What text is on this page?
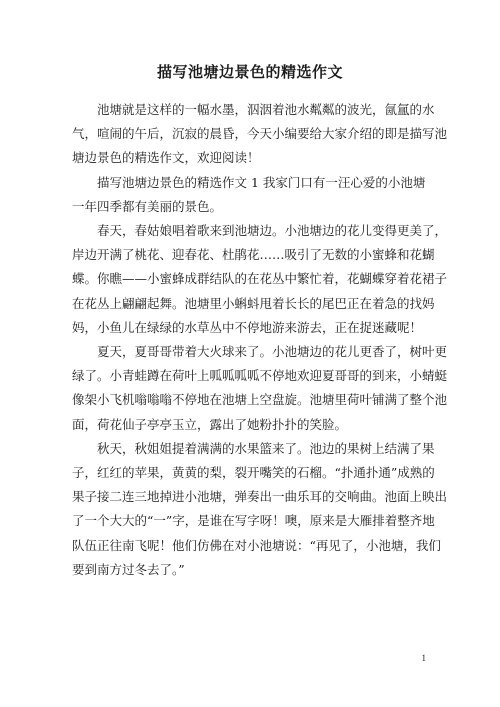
描写池塘边景色的精选作文

池塘就是这样的一幅水墨，泅洇着池水粼粼的波光，氤氲的水
气，喧闹的午后，沉寂的晨昏，今天小编要给大家介绍的即是描写池
塘边景色的精选作文，欢迎阅读！

描写池塘边景色的精选作文 1 我家门口有一汪心爱的小池塘
一年四季都有美丽的景色。

春天，春姑娘唱着歌来到池塘边。小池塘边的花儿变得更美了，
岸边开满了桃花、迎春花、杜鹃花……吸引了无数的小蜜蜂和花蝴
蝶。你瞧——小蜜蜂成群结队的在花丛中繁忙着，花蝴蝶穿着花裙子
在花丛上翩翩起舞。池塘里小蝌蚪甩着长长的尾巴正在着急的找妈
妈，小鱼儿在绿绿的水草丛中不停地游来游去，正在捉迷藏呢！

夏天，夏哥哥带着大火球来了。小池塘边的花儿更香了，树叶更
绿了。小青蛙蹲在荷叶上呱呱呱呱不停地欢迎夏哥哥的到来，小蜻蜓
像架小飞机嗡嗡嗡不停地在池塘上空盘旋。池塘里荷叶铺满了整个池
面，荷花仙子亭亭玉立，露出了她粉扑扑的笑脸。

秋天，秋姐姐提着满满的水果篮来了。池边的果树上结满了果
子，红红的苹果，黄黄的梨，裂开嘴笑的石榴。“扑通扑通”成熟的
果子接二连三地掉进小池塘，弹奏出一曲乐耳的交响曲。池面上映出
了一个大大的“一”字，是谁在写字呀！噢，原来是大雁排着整齐地
队伍正往南飞呢！他们仿佛在对小池塘说：“再见了，小池塘，我们
要到南方过冬去了。”

1
